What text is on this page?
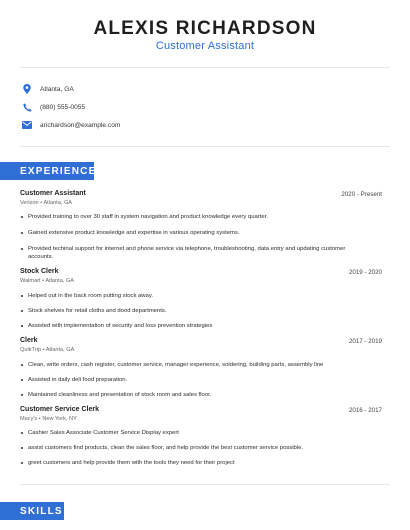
ALEXIS RICHARDSON
Customer Assistant
Atlanta, GA
(880) 555-0055
arichardson@example.com
EXPERIENCE
Customer Assistant	2020 - Present
Verizon • Atlanta, GA
Provided training to over 30 staff in system navigation and product knowledge every quarter.
Gained extensive product knowledge and expertise in various operating systems.
Provided techinal support for internet and phone service via telephone, troubleshooting, data entry and updating customer accounts.
Stock Clerk	2019 - 2020
Walmart • Atlanta, GA
Helped out in the back room putting stock away.
Stock shelves for retail cloths and dood departments.
Assisted with implementation of security and loss prevention strategies
Clerk	2017 - 2019
QuikTrip • Atlanta, GA
Clean, write orders, cash register, customer service, manager experience, soldering, building parts, assembly line
Assisted in daily deli food preparation.
Maintained cleanliness and presentation of stock room and sales floor.
Customer Service Clerk	2016 - 2017
Macy's • New York, NY
Cashier Sales Associate Customer Service Display expert
assist customers find products, clean the sales floor, and help provide the best customer service possible.
greet customers and help provide them with the tools they need for their project
SKILLS
